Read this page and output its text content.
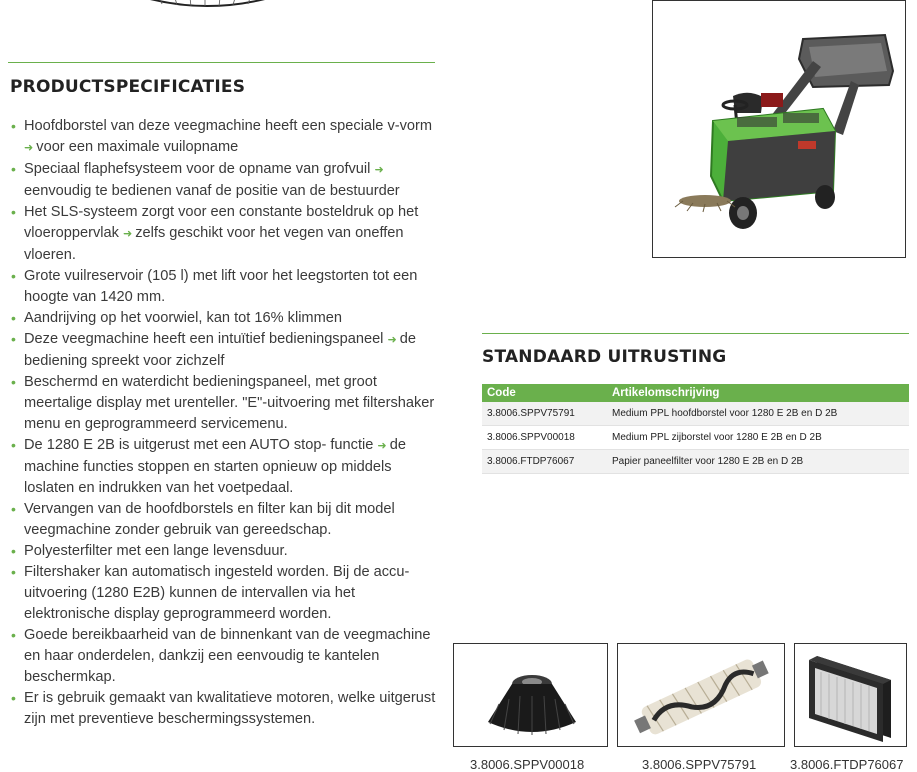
PRODUCTSPECIFICATIES
• Hoofdborstel van deze veegmachine heeft een speciale v-vorm ➜ voor een maximale vuilopname
• Speciaal flaphefsysteem voor de opname van grofvuil ➜ eenvoudig te bedienen vanaf de positie van de bestuurder
• Het SLS-systeem zorgt voor een constante bosteldruk op het vloeroppervlak ➜ zelfs geschikt voor het vegen van oneffen vloeren.
• Grote vuilreservoir (105 l) met lift voor het leegstorten tot een hoogte van 1420 mm.
• Aandrijving op het voorwiel, kan tot 16% klimmen
• Deze veegmachine heeft een intuïtief bedieningspaneel ➜ de bediening spreekt voor zichzelf
• Beschermd en waterdicht bedieningspaneel, met groot meertalige display met urenteller. "E"-uitvoering met filtershaker menu en geprogrammeerd servicemenu.
• De 1280 E 2B is uitgerust met een AUTO stop- functie ➜ de machine functies stoppen en starten opnieuw op middels loslaten en indrukken van het voetpedaal.
• Vervangen van de hoofdborstels en filter kan bij dit model veegmachine zonder gebruik van gereedschap.
• Polyesterfilter met een lange levensduur.
• Filtershaker kan automatisch ingesteld worden. Bij de accu-uitvoering (1280 E2B) kunnen de intervallen via het elektronische display geprogrammeerd worden.
• Goede bereikbaarheid van de binnenkant van de veegmachine en haar onderdelen, dankzij een eenvoudig te kantelen beschermkap.
• Er is gebruik gemaakt van kwalitatieve motoren, welke uitgerust zijn met preventieve beschermingssystemen.
STANDAARD UITRUSTING
Code	Artikelomschrijving
3.8006.SPPV75791	Medium PPL hoofdborstel voor 1280 E 2B en D 2B
3.8006.SPPV00018	Medium PPL zijborstel voor 1280 E 2B en D 2B
3.8006.FTDP76067	Papier paneelfilter voor 1280 E 2B en D 2B
3.8006.SPPV00018	3.8006.SPPV75791	3.8006.FTDP76067
